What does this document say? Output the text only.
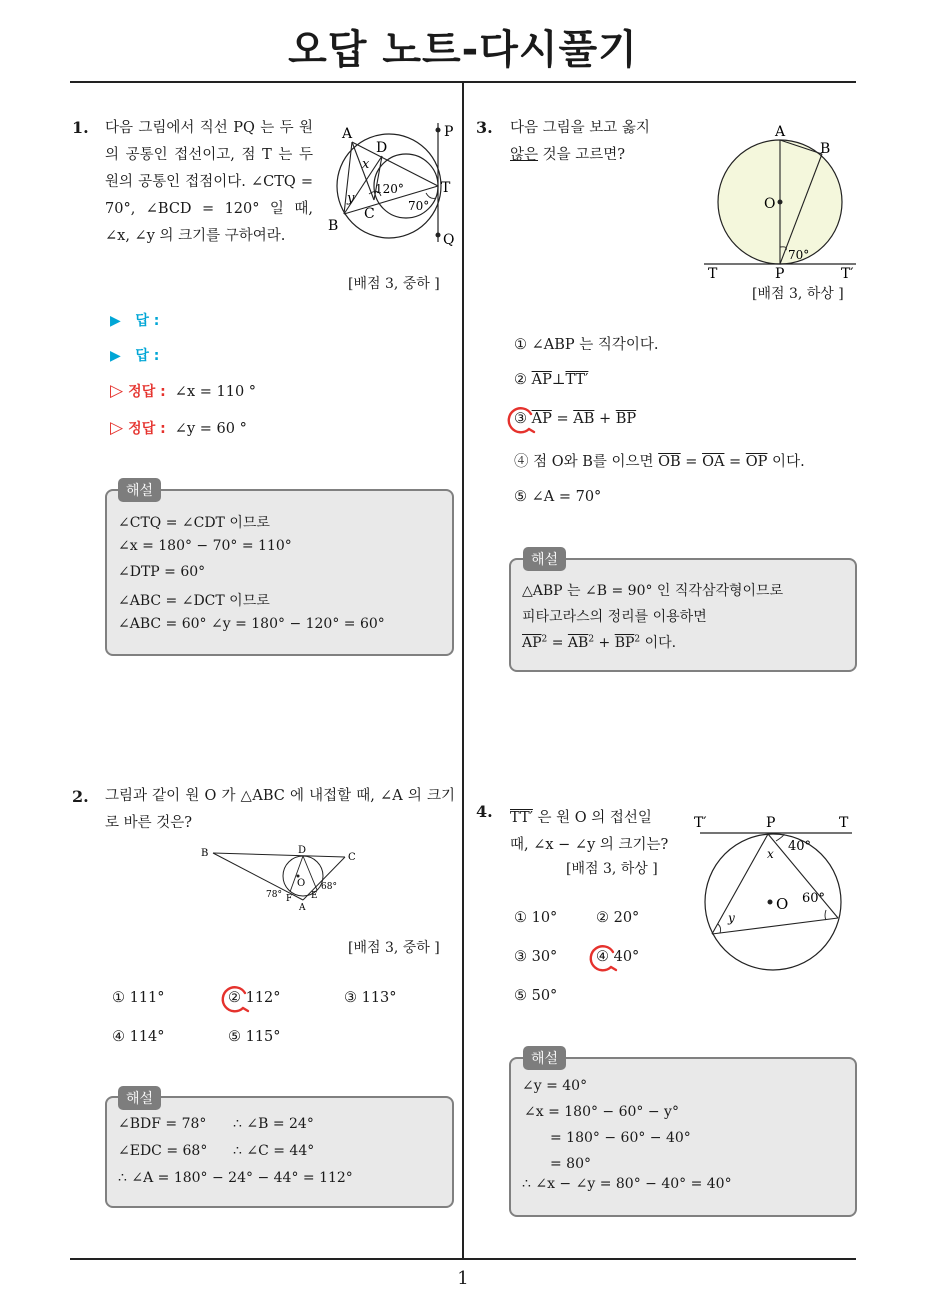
오답 노트-다시풀기
1
1. 다음 그림에서 직선 PQ 는 두 원의 공통인 접선이고, 점 T 는 두 원의 공통인 접점이다. ∠CTQ = 70°, ∠BCD = 120° 일 때, ∠x, ∠y 의 크기를 구하여라.
A
B
C
D
P
Q
T
x
y
120°
70°
[배점 3, 중하 ]
▶ 답 :
▶ 답 :
▷ 정답 : ∠x = 110 °
▷ 정답 : ∠y = 60 °
해설
∠CTQ = ∠CDT 이므로
∠x = 180° − 70° = 110°
∠DTP = 60°
∠ABC = ∠DCT 이므로
∠ABC = 60° ∠y = 180° − 120° = 60°
2. 그림과 같이 원 O 가 △ABC 에 내접할 때, ∠A 의 크기로 바른 것은?
B	C
D
O
E
F
A
78°
68°
[배점 3, 중하 ]
① 111°	② 112°	③ 113°
④ 114°	⑤ 115°
해설
∠BDF = 78° ∴ ∠B = 24°
∠EDC = 68° ∴ ∠C = 44°
∴ ∠A = 180° − 24° − 44° = 112°
3. 다음 그림을 보고 옳지
않은 것을 고르면?
A
B
O
T	P	T′
70°
[배점 3, 하상 ]
① ∠ABP 는 직각이다.
② $\overline{AP}\perp TT'$
③ $\overline{AP} = \overline{AB} + \overline{BP}$
④ 점 O와 B를 이으면 $\overline{OB} = \overline{OA} = \overline{OP}$ 이다.
⑤ ∠A = 70°
해설
△ABP 는 ∠B = 90° 인 직각삼각형이므로
피타고라스의 정리를 이용하면
$\overline{AP}^2 = \overline{AB}^2 + \overline{BP}^2$ 이다.
4. TT′ 은 원 O 의 접선일
때, ∠x − ∠y 의 크기는?
[배점 3, 하상 ]
T′	P	T
x 40°
O 60°
y
① 10°	② 20°
③ 30°	④ 40°
⑤ 50°
해설
∠y = 40°
∠x = 180° − 60° − y°
= 180° − 60° − 40°
= 80°
∴ ∠x − ∠y = 80° − 40° = 40°
